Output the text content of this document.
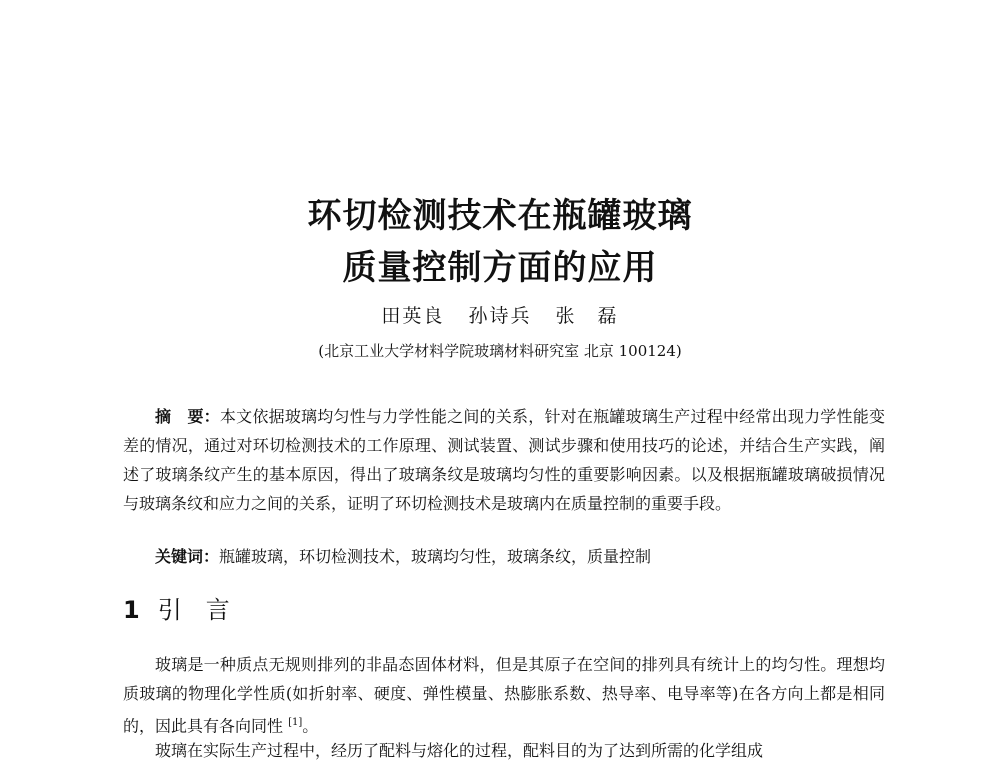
环切检测技术在瓶罐玻璃
质量控制方面的应用
田英良 孙诗兵 张　磊
(北京工业大学材料学院玻璃材料研究室 北京 100124)

摘　要：本文依据玻璃均匀性与力学性能之间的关系，针对在瓶罐玻璃生产过程中经常出现力学性能变差的情况，通过对环切检测技术的工作原理、测试装置、测试步骤和使用技巧的论述，并结合生产实践，阐述了玻璃条纹产生的基本原因，得出了玻璃条纹是玻璃均匀性的重要影响因素。以及根据瓶罐玻璃破损情况与玻璃条纹和应力之间的关系，证明了环切检测技术是玻璃内在质量控制的重要手段。

关键词：瓶罐玻璃，环切检测技术，玻璃均匀性，玻璃条纹，质量控制

1 引言

玻璃是一种质点无规则排列的非晶态固体材料，但是其原子在空间的排列具有统计上的均匀性。理想均质玻璃的物理化学性质(如折射率、硬度、弹性模量、热膨胀系数、热导率、电导率等)在各方向上都是相同的，因此具有各向同性 [1]。

玻璃在实际生产过程中，经历了配料与熔化的过程，配料目的为了达到所需的化学组成
